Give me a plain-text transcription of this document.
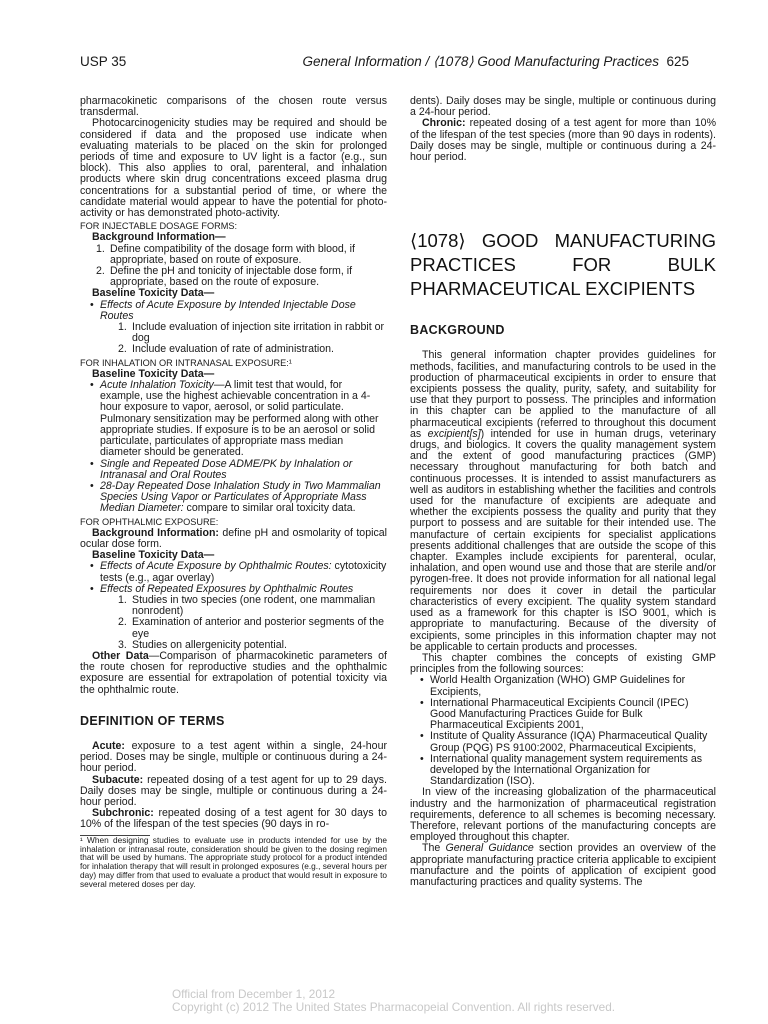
USP 35	General Information / ⟨1078⟩ Good Manufacturing Practices 625

pharmacokinetic comparisons of the chosen route versus transdermal.

Photocarcinogenicity studies may be required and should be considered if data and the proposed use indicate when evaluating materials to be placed on the skin for prolonged periods of time and exposure to UV light is a factor (e.g., sun block). This also applies to oral, parenteral, and inhalation products where skin drug concentrations exceed plasma drug concentrations for a substantial period of time, or where the candidate material would appear to have the potential for photo-activity or has demonstrated photo-activity.

FOR INJECTABLE DOSAGE FORMS:

Background Information—

1. Define compatibility of the dosage form with blood, if appropriate, based on route of exposure.
2. Define the pH and tonicity of injectable dose form, if appropriate, based on the route of exposure.

Baseline Toxicity Data—

• Effects of Acute Exposure by Intended Injectable Dose Routes
1. Include evaluation of injection site irritation in rabbit or dog
2. Include evaluation of rate of administration.

FOR INHALATION OR INTRANASAL EXPOSURE:¹

Baseline Toxicity Data—

• Acute Inhalation Toxicity—A limit test that would, for example, use the highest achievable concentration in a 4-hour exposure to vapor, aerosol, or solid particulate. Pulmonary sensitization may be performed along with other appropriate studies. If exposure is to be an aerosol or solid particulate, particulates of appropriate mass median diameter should be generated.
• Single and Repeated Dose ADME/PK by Inhalation or Intranasal and Oral Routes
• 28-Day Repeated Dose Inhalation Study in Two Mammalian Species Using Vapor or Particulates of Appropriate Mass Median Diameter: compare to similar oral toxicity data.

FOR OPHTHALMIC EXPOSURE:

Background Information: define pH and osmolarity of topical ocular dose form.

Baseline Toxicity Data—

• Effects of Acute Exposure by Ophthalmic Routes: cytotoxicity tests (e.g., agar overlay)
• Effects of Repeated Exposures by Ophthalmic Routes
1. Studies in two species (one rodent, one mammalian nonrodent)
2. Examination of anterior and posterior segments of the eye
3. Studies on allergenicity potential.

Other Data—Comparison of pharmacokinetic parameters of the route chosen for reproductive studies and the ophthalmic exposure are essential for extrapolation of potential toxicity via the ophthalmic route.

DEFINITION OF TERMS

Acute: exposure to a test agent within a single, 24-hour period. Doses may be single, multiple or continuous during a 24-hour period.

Subacute: repeated dosing of a test agent for up to 29 days. Daily doses may be single, multiple or continuous during a 24-hour period.

Subchronic: repeated dosing of a test agent for 30 days to 10% of the lifespan of the test species (90 days in ro-

¹ When designing studies to evaluate use in products intended for use by the inhalation or intranasal route, consideration should be given to the dosing regimen that will be used by humans. The appropriate study protocol for a product intended for inhalation therapy that will result in prolonged exposures (e.g., several hours per day) may differ from that used to evaluate a product that would result in exposure to several metered doses per day.

dents). Daily doses may be single, multiple or continuous during a 24-hour period.

Chronic: repeated dosing of a test agent for more than 10% of the lifespan of the test species (more than 90 days in rodents). Daily doses may be single, multiple or continuous during a 24-hour period.

⟨1078⟩ GOOD MANUFACTURING PRACTICES FOR BULK PHARMACEUTICAL EXCIPIENTS

BACKGROUND

This general information chapter provides guidelines for methods, facilities, and manufacturing controls to be used in the production of pharmaceutical excipients in order to ensure that excipients possess the quality, purity, safety, and suitability for use that they purport to possess. The principles and information in this chapter can be applied to the manufacture of all pharmaceutical excipients (referred to throughout this document as excipient[s]) intended for use in human drugs, veterinary drugs, and biologics. It covers the quality management system and the extent of good manufacturing practices (GMP) necessary throughout manufacturing for both batch and continuous processes. It is intended to assist manufacturers as well as auditors in establishing whether the facilities and controls used for the manufacture of excipients are adequate and whether the excipients possess the quality and purity that they purport to possess and are suitable for their intended use. The manufacture of certain excipients for specialist applications presents additional challenges that are outside the scope of this chapter. Examples include excipients for parenteral, ocular, inhalation, and open wound use and those that are sterile and/or pyrogen-free. It does not provide information for all national legal requirements nor does it cover in detail the particular characteristics of every excipient. The quality system standard used as a framework for this chapter is ISO 9001, which is appropriate to manufacturing. Because of the diversity of excipients, some principles in this information chapter may not be applicable to certain products and processes.

This chapter combines the concepts of existing GMP principles from the following sources:

• World Health Organization (WHO) GMP Guidelines for Excipients,
• International Pharmaceutical Excipients Council (IPEC) Good Manufacturing Practices Guide for Bulk Pharmaceutical Excipients 2001,
• Institute of Quality Assurance (IQA) Pharmaceutical Quality Group (PQG) PS 9100:2002, Pharmaceutical Excipients,
• International quality management system requirements as developed by the International Organization for Standardization (ISO).

In view of the increasing globalization of the pharmaceutical industry and the harmonization of pharmaceutical registration requirements, deference to all schemes is becoming necessary. Therefore, relevant portions of the manufacturing concepts are employed throughout this chapter.

The General Guidance section provides an overview of the appropriate manufacturing practice criteria applicable to excipient manufacture and the points of application of excipient good manufacturing practices and quality systems. The

Official from December 1, 2012
Copyright (c) 2012 The United States Pharmacopeial Convention. All rights reserved.
